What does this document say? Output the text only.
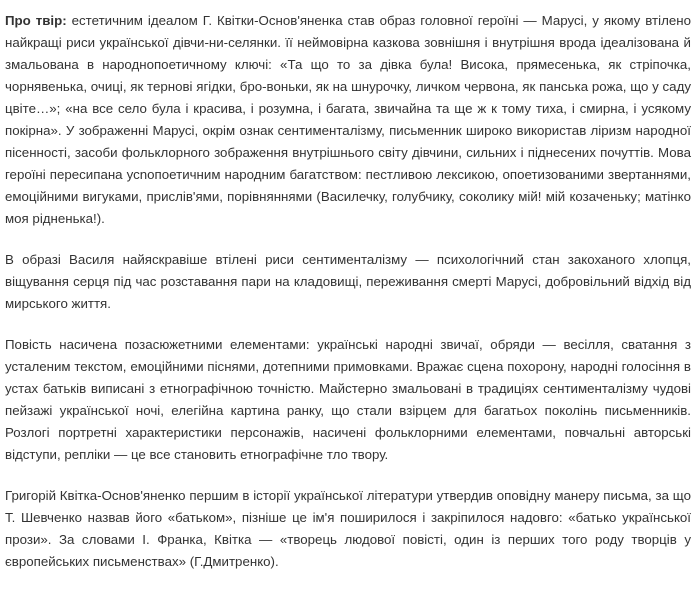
Про твір: естетичним ідеалом Г. Квітки-Основ'яненка став образ головної героїні — Марусі, у якому втілено найкращі риси української дівчи-ни-селянки. її неймовірна казкова зовнішня і внутрішня врода ідеалізована й змальована в народнопоетичному ключі: «Та що то за дівка була! Висока, прямесенька, як стріпочка, чорнявенька, очиці, як тернові ягідки, бро-воньки, як на шнурочку, личком червона, як панська рожа, що у саду цвіте…»; «на все село була і красива, і розумна, і багата, звичайна та ще ж к тому тиха, і смирна, і усякому покірна». У зображенні Марусі, окрім ознак сентименталізму, письменник широко використав ліризм народної пісенності, засоби фольклорного зображення внутрішнього світу дівчини, сильних і піднесених почуттів. Мова героїні пересипана усnoпоетичним народним багатством: пестливою лексикою, опоетизованими звертаннями, емоційними вигуками, прислів'ями, порівняннями (Василечку, голубчику, соколику мій! мій козаченьку; матінко моя рідненька!).

В образі Василя найяскравіше втілені риси сентименталізму — психологічний стан закоханого хлопця, віщування серця під час розставання пари на кладовищі, переживання смерті Марусі, добровільний відхід від мирського життя.

Повість насичена позасюжетними елементами: українські народні звичаї, обряди — весілля, сватання з усталеним текстом, емоційними піснями, дотепними примовками. Вражає сцена похорону, народні голосіння в устах батьків виписані з етнографічною точністю. Майстерно змальовані в традиціях сентименталізму чудові пейзажі української ночі, елегійна картина ранку, що стали взірцем для багатьох поколінь письменників. Розлогі портретні характеристики персонажів, насичені фольклорними елементами, повчальні авторські відступи, репліки — це все становить етнографічне тло твору.

Григорій Квітка-Основ'яненко першим в історії української літератури утвердив оповідну манеру письма, за що Т. Шевченко назвав його «батьком», пізніше це ім'я поширилося і закріпилося надовго: «батько української прози». За словами І. Франка, Квітка — «творець людової повісті, один із перших того роду творців у європейських письменствах» (Г.Дмитренко).
